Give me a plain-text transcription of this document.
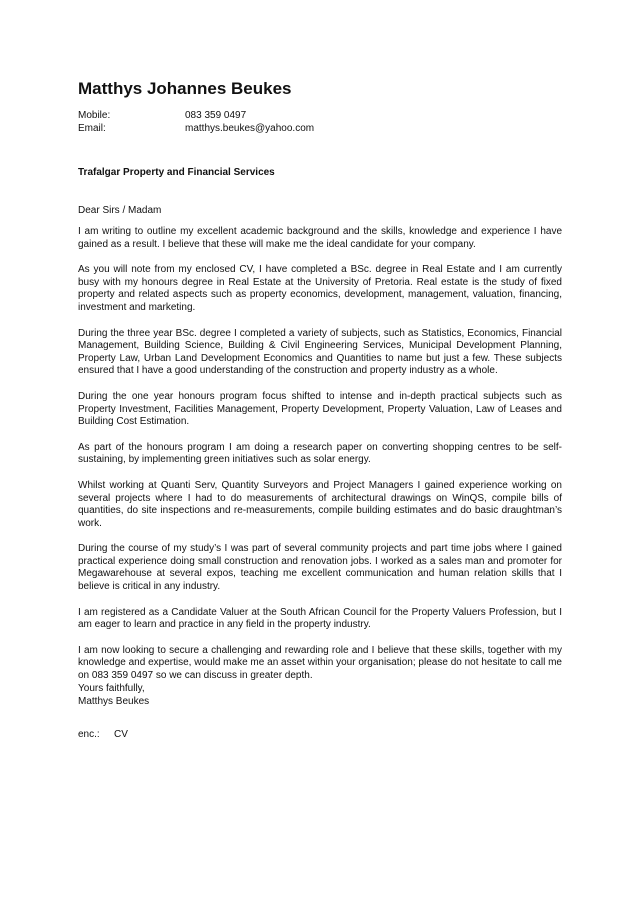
Matthys Johannes Beukes
Mobile:	083 359 0497
Email:	matthys.beukes@yahoo.com
Trafalgar Property and Financial Services
Dear Sirs / Madam

I am writing to outline my excellent academic background and the skills, knowledge and experience I have gained as a result. I believe that these will make me the ideal candidate for your company.

As you will note from my enclosed CV, I have completed a BSc. degree in Real Estate and I am currently busy with my honours degree in Real Estate at the University of Pretoria. Real estate is the study of fixed property and related aspects such as property economics, development, management, valuation, financing, investment and marketing.

During the three year BSc. degree I completed a variety of subjects, such as Statistics, Economics, Financial Management, Building Science, Building & Civil Engineering Services, Municipal Development Planning, Property Law, Urban Land Development Economics and Quantities to name but just a few. These subjects ensured that I have a good understanding of the construction and property industry as a whole.

During the one year honours program focus shifted to intense and in-depth practical subjects such as Property Investment, Facilities Management, Property Development, Property Valuation, Law of Leases and Building Cost Estimation.

As part of the honours program I am doing a research paper on converting shopping centres to be self-sustaining, by implementing green initiatives such as solar energy.

Whilst working at Quanti Serv, Quantity Surveyors and Project Managers I gained experience working on several projects where I had to do measurements of architectural drawings on WinQS, compile bills of quantities, do site inspections and re-measurements, compile building estimates and do basic draughtman’s work.

During the course of my study’s I was part of several community projects and part time jobs where I gained practical experience doing small construction and renovation jobs. I worked as a sales man and promoter for Megawarehouse at several expos, teaching me excellent communication and human relation skills that I believe is critical in any industry.

I am registered as a Candidate Valuer at the South African Council for the Property Valuers Profession, but I am eager to learn and practice in any field in the property industry.

I am now looking to secure a challenging and rewarding role and I believe that these skills, together with my knowledge and expertise, would make me an asset within your organisation; please do not hesitate to call me on 083 359 0497 so we can discuss in greater depth.

Yours faithfully,
Matthys Beukes
enc.: CV
